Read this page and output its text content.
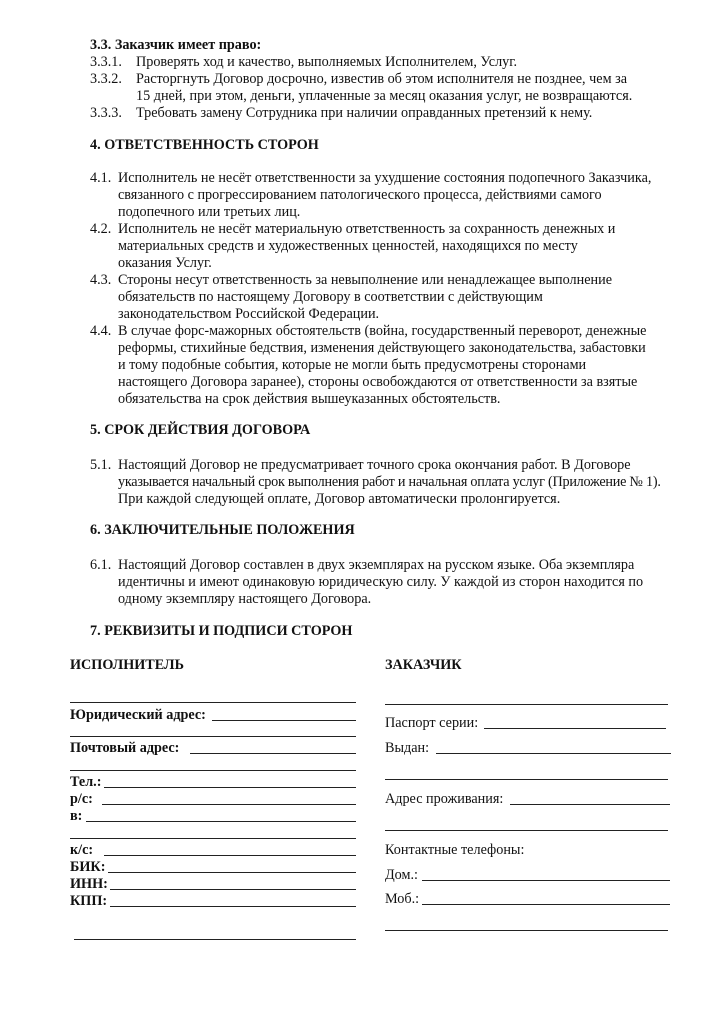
3.3. Заказчик имеет право:
3.3.1. Проверять ход и качество, выполняемых Исполнителем, Услуг.
3.3.2. Расторгнуть Договор досрочно, известив об этом исполнителя не позднее, чем за
15 дней, при этом, деньги, уплаченные за месяц оказания услуг, не возвращаются.
3.3.3. Требовать замену Сотрудника при наличии оправданных претензий к нему.
4. ОТВЕТСТВЕННОСТЬ СТОРОН
4.1. Исполнитель не несёт ответственности за ухудшение состояния подопечного Заказчика,
связанного с прогрессированием патологического процесса, действиями самого
подопечного или третьих лиц.
4.2. Исполнитель не несёт материальную ответственность за сохранность денежных и
материальных средств и художественных ценностей, находящихся по месту
оказания Услуг.
4.3. Стороны несут ответственность за невыполнение или ненадлежащее выполнение
обязательств по настоящему Договору в соответствии с действующим
законодательством Российской Федерации.
4.4. В случае форс-мажорных обстоятельств (война, государственный переворот, денежные
реформы, стихийные бедствия, изменения действующего законодательства, забастовки
и тому подобные события, которые не могли быть предусмотрены сторонами
настоящего Договора заранее), стороны освобождаются от ответственности за взятые
обязательства на срок действия вышеуказанных обстоятельств.
5. СРОК ДЕЙСТВИЯ ДОГОВОРА
5.1. Настоящий Договор не предусматривает точного срока окончания работ. В Договоре
указывается начальный срок выполнения работ и начальная оплата услуг (Приложение № 1).
При каждой следующей оплате, Договор автоматически пролонгируется.
6. ЗАКЛЮЧИТЕЛЬНЫЕ ПОЛОЖЕНИЯ
6.1. Настоящий Договор составлен в двух экземплярах на русском языке. Оба экземпляра
идентичны и имеют одинаковую юридическую силу. У каждой из сторон находится по
одному экземпляру настоящего Договора.
7. РЕКВИЗИТЫ И ПОДПИСИ СТОРОН
ИСПОЛНИТЕЛЬ
Юридический адрес:
Почтовый адрес:
Тел.:
р/с:
в:
к/с:
БИК:
ИНН:
КПП:
ЗАКАЗЧИК
Паспорт серии:
Выдан:
Адрес проживания:
Контактные телефоны:
Дом.:
Моб.:
